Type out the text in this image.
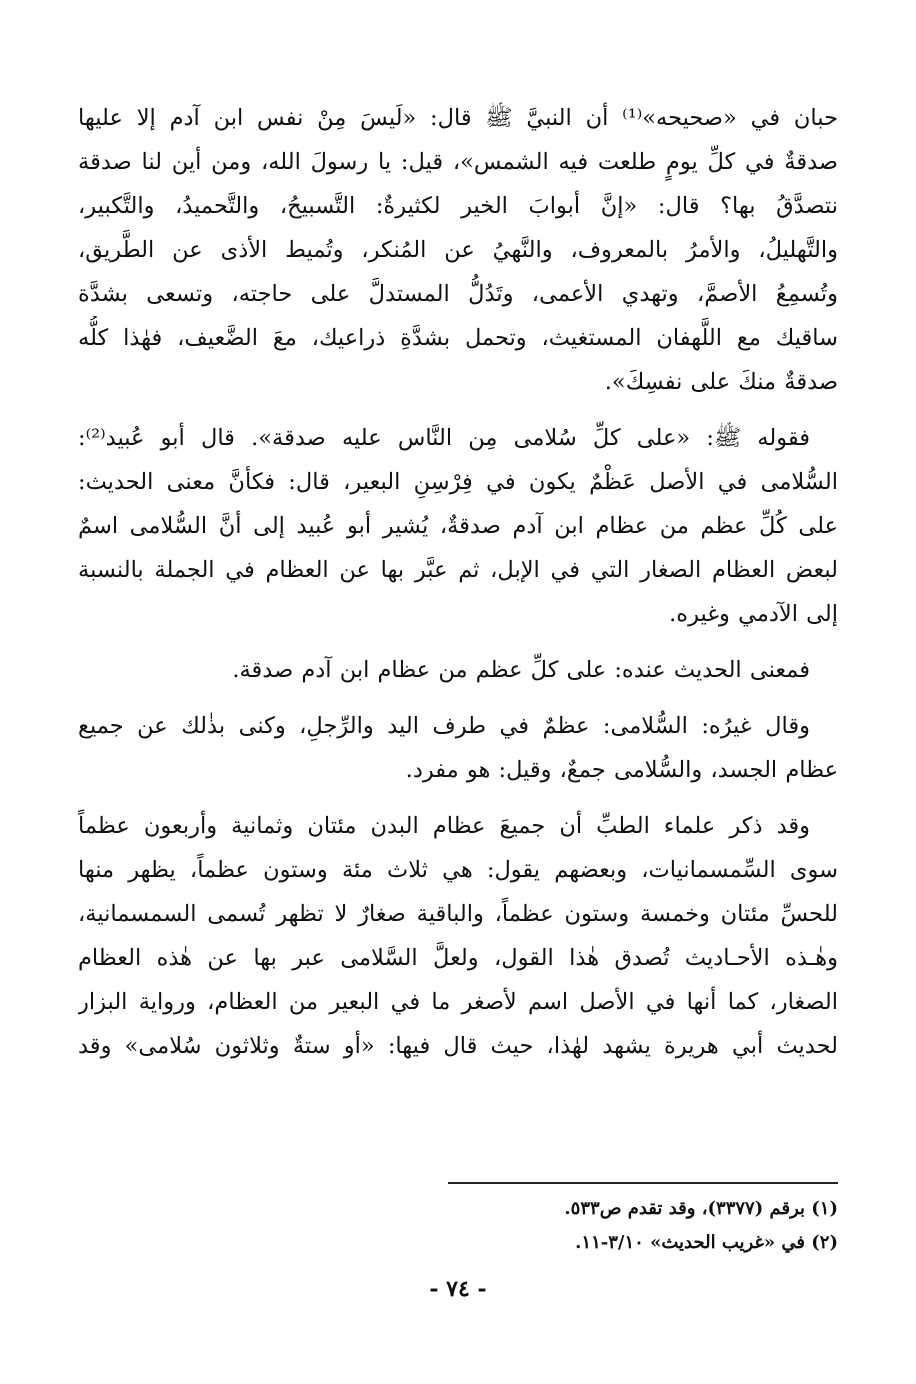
حبان في «صحيحه»⁽¹⁾ أن النبيَّ ﷺ قال: «لَيسَ مِنْ نفس ابن آدم إلا عليها
صدقةٌ في كلِّ يومٍ طلعت فيه الشمس»، قيل: يا رسولَ الله، ومن أين لنا صدقة
نتصدَّقُ بها؟ قال: «إنَّ أبوابَ الخير لكثيرةٌ: التَّسبيحُ، والتَّحميدُ، والتَّكبير،
والتَّهليلُ، والأمرُ بالمعروف، والنَّهيُ عن المُنكر، وتُميط الأذى عن الطَّريق،
وتُسمِعُ الأصمَّ، وتهدي الأعمى، وتَدُلُّ المستدلَّ على حاجته، وتسعى بشدَّة
ساقيك مع اللَّهفان المستغيث، وتحمل بشدَّةِ ذراعيك، معَ الضَّعيف، فهٰذا كلُّه
صدقةٌ منكَ على نفسِكَ».
فقوله ﷺ: «على كلِّ سُلامى مِن النَّاس عليه صدقة». قال أبو عُبيد⁽²⁾:
السُّلامى في الأصل عَظْمٌ يكون في فِرْسِنِ البعير، قال: فكأنَّ معنى الحديث:
على كُلِّ عظم من عظام ابن آدم صدقةٌ، يُشير أبو عُبيد إلى أنَّ السُّلامى اسمٌ
لبعض العظام الصغار التي في الإبل، ثم عبَّر بها عن العظام في الجملة بالنسبة
إلى الآدمي وغيره.
فمعنى الحديث عنده: على كلِّ عظم من عظام ابن آدم صدقة.
وقال غيرُه: السُّلامى: عظمٌ في طرف اليد والرِّجلِ، وكنى بذٰلك عن جميع
عظام الجسد، والسُّلامى جمعٌ، وقيل: هو مفرد.
وقد ذكر علماء الطبِّ أن جميعَ عظام البدن مئتان وثمانية وأربعون عظماً
سوى السِّمسمانيات، وبعضهم يقول: هي ثلاث مئة وستون عظماً، يظهر منها
للحسِّ مئتان وخمسة وستون عظماً، والباقية صغارٌ لا تظهر تُسمى السمسمانية،
وهٰـذه الأحـاديث تُصدق هٰذا القول، ولعلَّ السَّلامى عبر بها عن هٰذه العظام
الصغار، كما أنها في الأصل اسم لأصغر ما في البعير من العظام، ورواية البزار
لحديث أبي هريرة يشهد لهٰذا، حيث قال فيها: «أو ستةٌ وثلاثون سُلامى» وقد
(١) برقم (٣٣٧٧)، وقد تقدم ص٥٣٣.
(٢) في «غريب الحديث» ٣/١٠-١١.
- ٧٤ -
